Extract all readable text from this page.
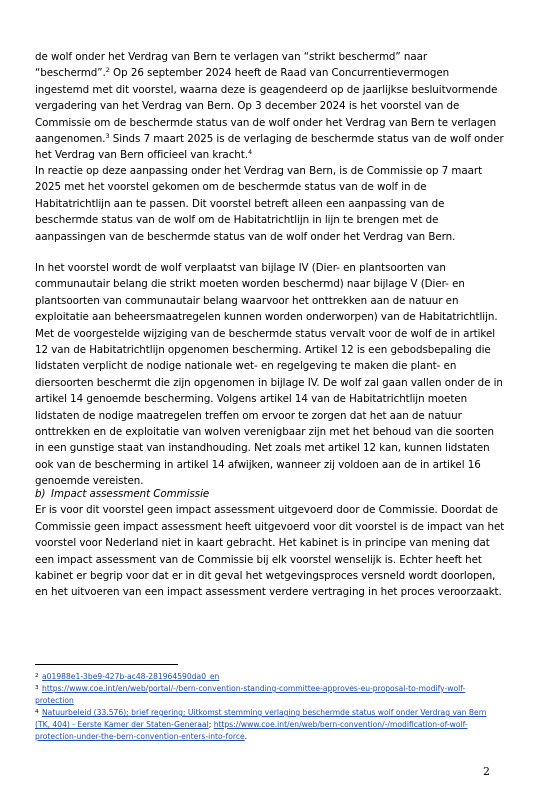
de wolf onder het Verdrag van Bern te verlagen van “strikt beschermd” naar “beschermd”.$^2$ Op 26 september 2024 heeft de Raad van Concurrentievermogen ingestemd met dit voorstel, waarna deze is geagendeerd op de jaarlijkse besluitvormende vergadering van het Verdrag van Bern. Op 3 december 2024 is het voorstel van de Commissie om de beschermde status van de wolf onder het Verdrag van Bern te verlagen aangenomen.$^3$ Sinds 7 maart 2025 is de verlaging de beschermde status van de wolf onder het Verdrag van Bern officieel van kracht.$^4$

In reactie op deze aanpassing onder het Verdrag van Bern, is de Commissie op 7 maart 2025 met het voorstel gekomen om de beschermde status van de wolf in de Habitatrichtlijn aan te passen. Dit voorstel betreft alleen een aanpassing van de beschermde status van de wolf om de Habitatrichtlijn in lijn te brengen met de aanpassingen van de beschermde status van de wolf onder het Verdrag van Bern.

In het voorstel wordt de wolf verplaatst van bijlage IV (Dier- en plantsoorten van communautair belang die strikt moeten worden beschermd) naar bijlage V (Dier- en plantsoorten van communautair belang waarvoor het onttrekken aan de natuur en exploitatie aan beheersmaatregelen kunnen worden onderworpen) van de Habitatrichtlijn. Met de voorgestelde wijziging van de beschermde status vervalt voor de wolf de in artikel 12 van de Habitatrichtlijn opgenomen bescherming. Artikel 12 is een gebodsbepaling die lidstaten verplicht de nodige nationale wet- en regelgeving te maken die plant- en diersoorten beschermt die zijn opgenomen in bijlage IV. De wolf zal gaan vallen onder de in artikel 14 genoemde bescherming. Volgens artikel 14 van de Habitatrichtlijn moeten lidstaten de nodige maatregelen treffen om ervoor te zorgen dat het aan de natuur onttrekken en de exploitatie van wolven verenigbaar zijn met het behoud van die soorten in een gunstige staat van instandhouding. Net zoals met artikel 12 kan, kunnen lidstaten ook van de bescherming in artikel 14 afwijken, wanneer zij voldoen aan de in artikel 16 genoemde vereisten.

b) Impact assessment Commissie

Er is voor dit voorstel geen impact assessment uitgevoerd door de Commissie. Doordat de Commissie geen impact assessment heeft uitgevoerd voor dit voorstel is de impact van het voorstel voor Nederland niet in kaart gebracht. Het kabinet is in principe van mening dat een impact assessment van de Commissie bij elk voorstel wenselijk is. Echter heeft het kabinet er begrip voor dat er in dit geval het wetgevingsproces versneld wordt doorlopen, en het uitvoeren van een impact assessment verdere vertraging in het proces veroorzaakt.

2 a01988e1-3be9-427b-ac48-281964590da0_en

3 https://www.coe.int/en/web/portal/-/bern-convention-standing-committee-approves-eu-proposal-to-modify-wolf-protection

4 Natuurbeleid (33.576); brief regering; Uitkomst stemming verlaging beschermde status wolf onder Verdrag van Bern (TK, 404) - Eerste Kamer der Staten-Generaal; https://www.coe.int/en/web/bern-convention/-/modification-of-wolf-protection-under-the-bern-convention-enters-into-force.

2
